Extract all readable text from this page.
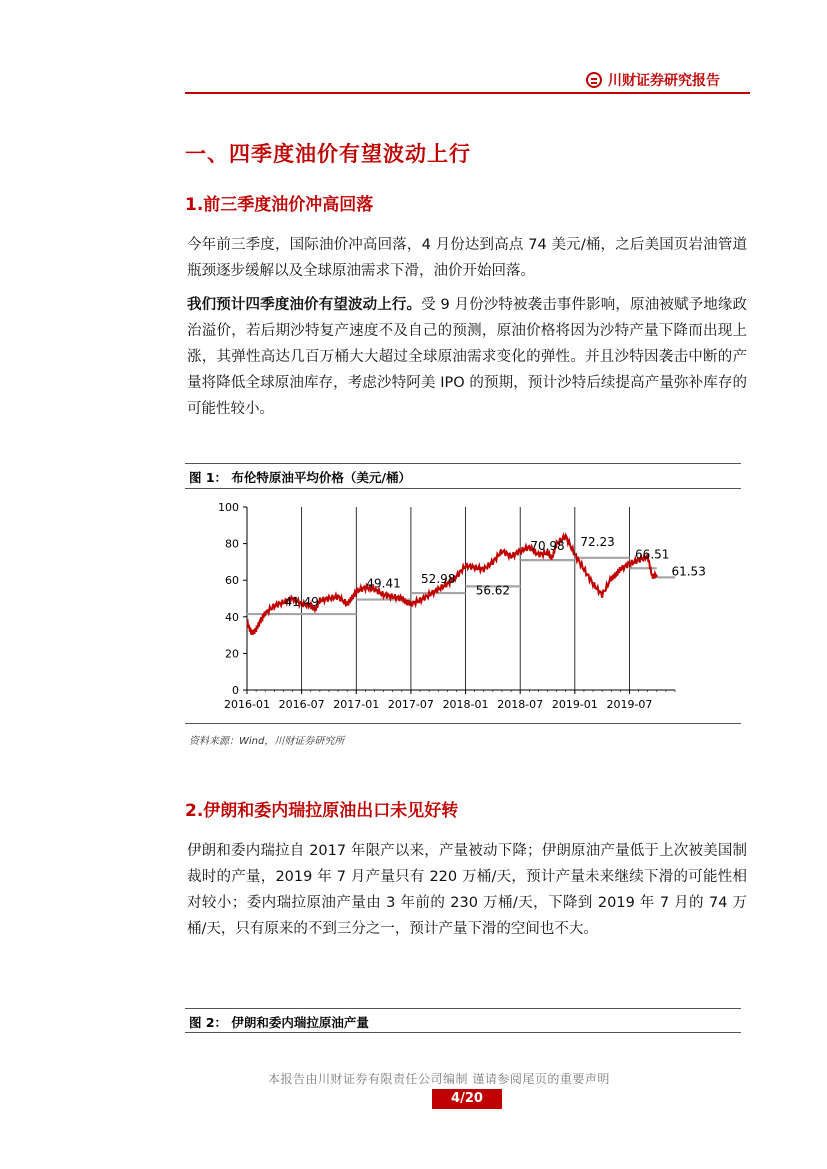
川财证券研究报告
一、四季度油价有望波动上行
1.前三季度油价冲高回落
今年前三季度，国际油价冲高回落，4 月份达到高点 74 美元/桶，之后美国页岩油管道瓶颈逐步缓解以及全球原油需求下滑，油价开始回落。
我们预计四季度油价有望波动上行。受 9 月份沙特被袭击事件影响，原油被赋予地缘政治溢价，若后期沙特复产速度不及自己的预测，原油价格将因为沙特产量下降而出现上涨，其弹性高达几百万桶大大超过全球原油需求变化的弹性。并且沙特因袭击中断的产量将降低全球原油库存，考虑沙特阿美 IPO 的预期，预计沙特后续提高产量弥补库存的可能性较小。
图 1： 布伦特原油平均价格（美元/桶）
0
20
40
60
80
100
2016-01 2016-07 2017-01 2017-07 2018-01 2018-07 2019-01 2019-07
41.49
49.41 52.98
56.62
70.98 72.23
66.51
61.53
资料来源：Wind，川财证券研究所
2.伊朗和委内瑞拉原油出口未见好转
伊朗和委内瑞拉自 2017 年限产以来，产量被动下降；伊朗原油产量低于上次被美国制裁时的产量，2019 年 7 月产量只有 220 万桶/天，预计产量未来继续下滑的可能性相对较小；委内瑞拉原油产量由 3 年前的 230 万桶/天，下降到 2019 年 7 月的 74 万桶/天，只有原来的不到三分之一，预计产量下滑的空间也不大。
图 2： 伊朗和委内瑞拉原油产量
本报告由川财证券有限责任公司编制 谨请参阅尾页的重要声明
4/20
